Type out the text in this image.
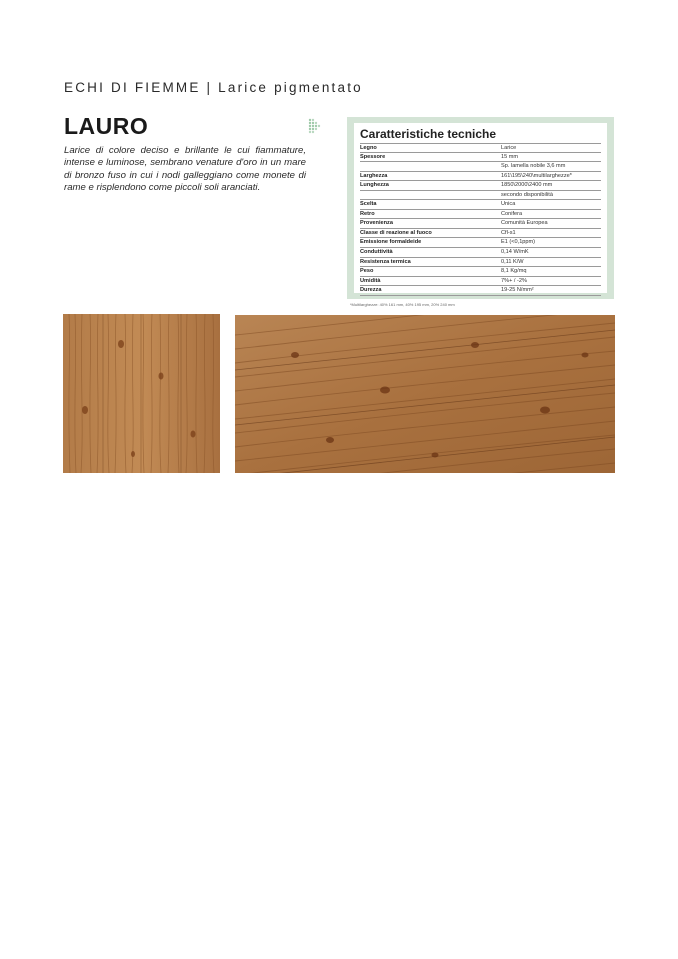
ECHI DI FIEMME | Larice pigmentato
LAURO
Larice di colore deciso e brillante le cui fiammature, intense e luminose, sembrano venature d'oro in un mare di bronzo fuso in cui i nodi galleggiano come monete di rame e risplendono come piccoli soli aranciati.
Caratteristiche tecniche
Legno	Larice
Spessore	15 mm
Sp. lamella nobile 3,6 mm
Larghezza	161\195\240\multilarghezze*
Lunghezza	1850\2000\2400 mm
secondo disponibilità
Scelta	Unica
Retro	Conifera
Provenienza	Comunità Europea
Classe di reazione al fuoco	Cfl-s1
Emissione formaldeide	E1 (<0,1ppm)
Conduttività	0,14 W/mK
Resistenza termica	0,11 K/W
Peso	8,1 Kg/mq
Umidità	7%+ / -2%
Durezza	19-25 N/mm²
*Multilarghezze: 40% 161 mm, 40% 195 mm, 20% 240 mm
